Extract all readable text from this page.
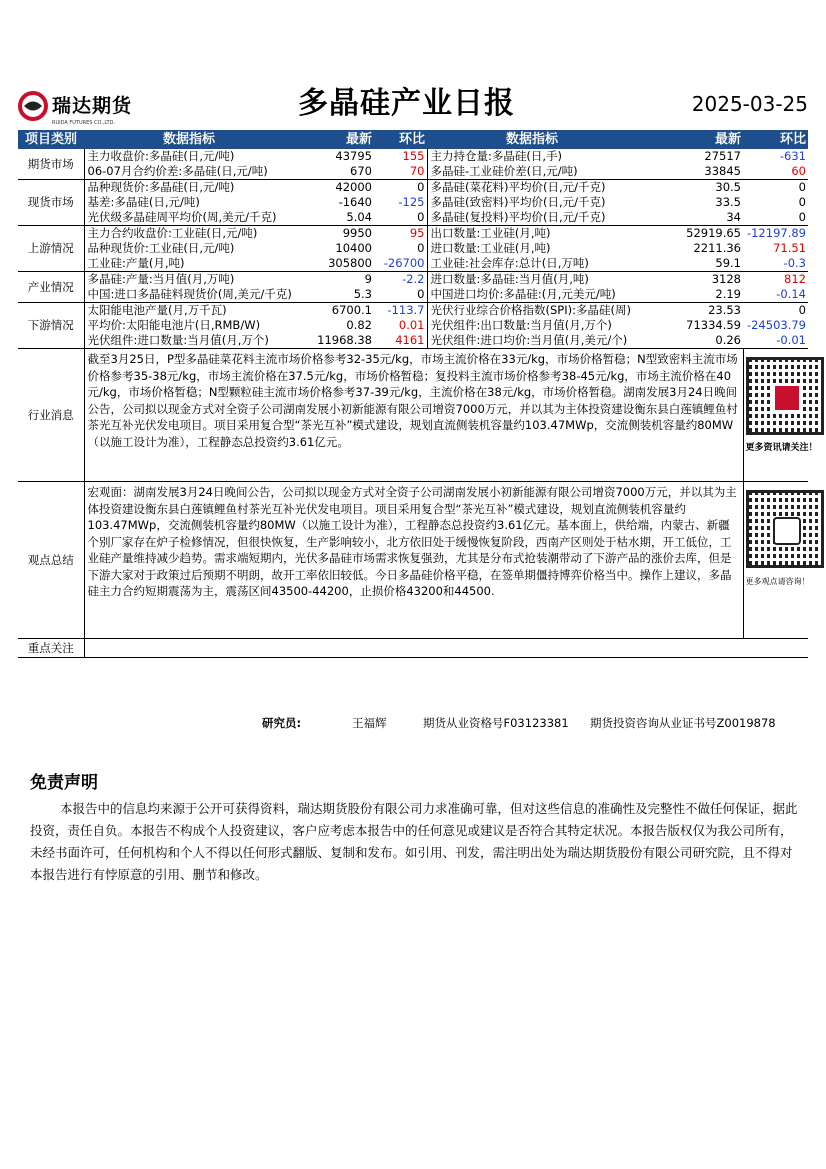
瑞达期货
RUIDA FUTURES CO.,LTD.
多晶硅产业日报	2025-03-25
项目类别	数据指标	最新	环比	数据指标	最新	环比
期货市场	主力收盘价:多晶硅(日,元/吨)	43795	155	主力持仓量:多晶硅(日,手)	27517	-631
	06-07月合约价差:多晶硅(日,元/吨)	670	70	多晶硅-工业硅价差(日,元/吨)	33845	60
现货市场	品种现货价:多晶硅(日,元/吨)	42000	0	多晶硅(菜花料)平均价(日,元/千克)	30.5	0
	基差:多晶硅(日,元/吨)	-1640	-125	多晶硅(致密料)平均价(日,元/千克)	33.5	0
	光伏级多晶硅周平均价(周,美元/千克)	5.04	0	多晶硅(复投料)平均价(日,元/千克)	34	0
上游情况	主力合约收盘价:工业硅(日,元/吨)	9950	95	出口数量:工业硅(月,吨)	52919.65	-12197.89
	品种现货价:工业硅(日,元/吨)	10400	0	进口数量:工业硅(月,吨)	2211.36	71.51
	工业硅:产量(月,吨)	305800	-26700	工业硅:社会库存:总计(日,万吨)	59.1	-0.3
产业情况	多晶硅:产量:当月值(月,万吨)	9	-2.2	进口数量:多晶硅:当月值(月,吨)	3128	812
	中国:进口多晶硅料现货价(周,美元/千克)	5.3	0	中国进口均价:多晶硅:(月,元美元/吨)	2.19	-0.14
下游情况	太阳能电池产量(月,万千瓦)	6700.1	-113.7	光伏行业综合价格指数(SPI):多晶硅(周)	23.53	0
	平均价:太阳能电池片(日,RMB/W)	0.82	0.01	光伏组件:出口数量:当月值(月,万个)	71334.59	-24503.79
	光伏组件:进口数量:当月值(月,万个)	11968.38	4161	光伏组件:进口均价:当月值(月,美元/个)	0.26	-0.01
行业消息	截至3月25日，P型多晶硅菜花料主流市场价格参考32-35元/kg，市场主流价格在33元/kg，市场价格暂稳；N型致密料主流市场价格参考35-38元/kg，市场主流价格在37.5元/kg，市场价格暂稳；复投料主流市场价格参考38-45元/kg，市场主流价格在40元/kg，市场价格暂稳；N型颗粒硅主流市场价格参考37-39元/kg，主流价格在38元/kg，市场价格暂稳。湖南发展3月24日晚间公告，公司拟以现金方式对全资子公司湖南发展小初新能源有限公司增资7000万元，并以其为主体投资建设衡东县白莲镇鲤鱼村茶光互补光伏发电项目。项目采用复合型“茶光互补”模式建设，规划直流侧装机容量约103.47MWp，交流侧装机容量约80MW（以施工设计为准），工程静态总投资约3.61亿元。					更多资讯请关注！

观点总结	宏观面：湖南发展3月24日晚间公告，公司拟以现金方式对全资子公司湖南发展小初新能源有限公司增资7000万元，并以其为主体投资建设衡东县白莲镇鲤鱼村茶光互补光伏发电项目。项目采用复合型“茶光互补”模式建设，规划直流侧装机容量约103.47MWp，交流侧装机容量约80MW（以施工设计为准），工程静态总投资约3.61亿元。基本面上，供给端，内蒙古、新疆个别厂家存在炉子检修情况，但很快恢复，生产影响较小，北方依旧处于缓慢恢复阶段，西南产区则处于枯水期，开工低位，工业硅产量维持减少趋势。需求端短期内，光伏多晶硅市场需求恢复强劲，尤其是分布式抢装潮带动了下游产品的涨价去库，但是下游大家对于政策过后预期不明朗，故开工率依旧较低。今日多晶硅价格平稳，在签单期僵持博弈价格当中。操作上建议，多晶硅主力合约短期震荡为主，震荡区间43500-44200，止损价格43200和44500.					更多观点请咨询！

重点关注						
研究员:	王福辉	期货从业资格号F03123381 期货投资咨询从业证书号Z0019878
免责声明
本报告中的信息均来源于公开可获得资料，瑞达期货股份有限公司力求准确可靠，但对这些信息的准确性及完整性不做任何保证，据此投资，责任自负。本报告不构成个人投资建议，客户应考虑本报告中的任何意见或建议是否符合其特定状况。本报告版权仅为我公司所有，未经书面许可，任何机构和个人不得以任何形式翻版、复制和发布。如引用、刊发，需注明出处为瑞达期货股份有限公司研究院，且不得对本报告进行有悖原意的引用、删节和修改。
